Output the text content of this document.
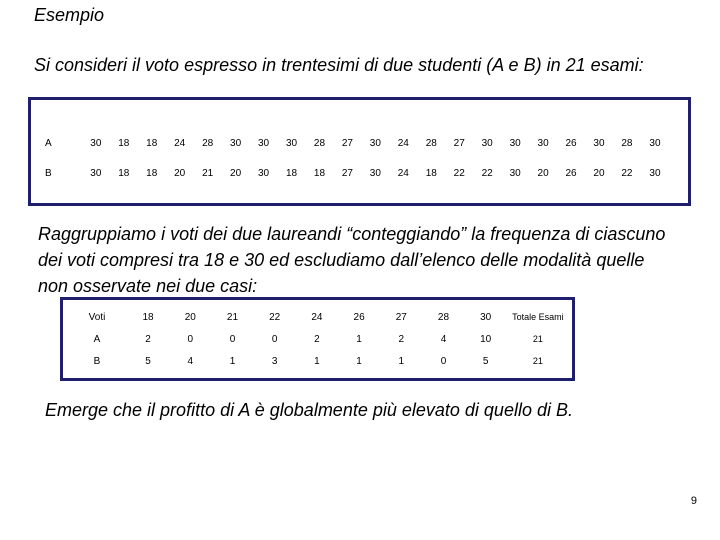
Esempio

Si consideri il voto espresso in trentesimi di due studenti (A e B) in 21 esami:

A	30	18	18	24	28	30	30	30	28	27	30	24	28	27	30	30	30	26	30	28	30
B	30	18	18	20	21	20	30	18	18	27	30	24	18	22	22	30	20	26	20	22	30

Raggruppiamo i voti dei due laureandi “conteggiando” la frequenza di ciascuno dei voti compresi tra 18 e 30 ed escludiamo dall’elenco delle modalità quelle non osservate nei due casi:

Voti	18	20	21	22	24	26	27	28	30	Totale Esami
A	2	0	0	0	2	1	2	4	10	21
B	5	4	1	3	1	1	1	0	5	21

Emerge che il profitto di A è globalmente più elevato di quello di B.

9
